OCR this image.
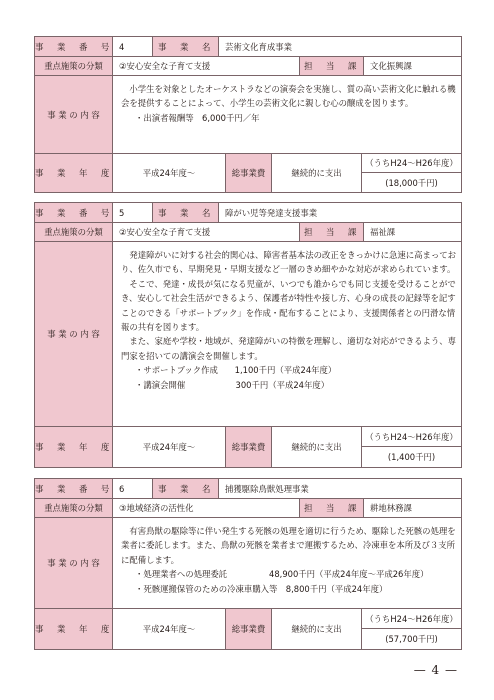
事　業　番　号 4	事　業　名	芸術文化育成事業
重点施策の分類	②安心安全な子育て支援	担　当　課	文化振興課
事 業 の 内 容

小学生を対象としたオーケストラなどの演奏会を実施し、質の高い芸術文化に触れる機会を提供することによって、小学生の芸術文化に親しむ心の醸成を図ります。

・出演者報酬等　6,000千円／年
事　業　年　度	平成24年度〜	総事業費	継続的に支出
（うちH24〜H26年度）
(18,000千円)
事　業　番　号 5	事　業　名	障がい児等発達支援事業
重点施策の分類	②安心安全な子育て支援	担　当　課	福祉課
事 業 の 内 容

発達障がいに対する社会的関心は、障害者基本法の改正をきっかけに急速に高まっており、佐久市でも、早期発見・早期支援など一層のきめ細やかな対応が求められています。

そこで、発達・成長が気になる児童が、いつでも誰からでも同じ支援を受けることができ、安心して社会生活ができるよう、保護者が特性や接し方、心身の成長の記録等を記すことのできる「サポートブック」を作成・配布することにより、支援関係者との円滑な情報の共有を図ります。

また、家庭や学校・地域が、発達障がいの特徴を理解し、適切な対応ができるよう、専門家を招いての講演会を開催します。

・サポートブック作成　　1,100千円（平成24年度）
・講演会開催　　　　　　300千円（平成24年度）
事　業　年　度	平成24年度〜	総事業費	継続的に支出
（うちH24〜H26年度）
(1,400千円)
事　業　番　号 6	事　業　名	捕獲駆除鳥獣処理事業
重点施策の分類	③地域経済の活性化	担　当　課	耕地林務課
事 業 の 内 容

有害鳥獣の駆除等に伴い発生する死骸の処理を適切に行うため、駆除した死骸の処理を業者に委託します。また、鳥獣の死骸を業者まで運搬するため、冷凍車を本所及び３支所に配備します。

・処理業者への処理委託　　　　　48,900千円（平成24年度〜平成26年度）
・死骸運搬保管のための冷凍車購入等　8,800千円（平成24年度）
事　業　年　度	平成24年度〜	総事業費	継続的に支出
（うちH24〜H26年度）
(57,700千円)
— 4 —
